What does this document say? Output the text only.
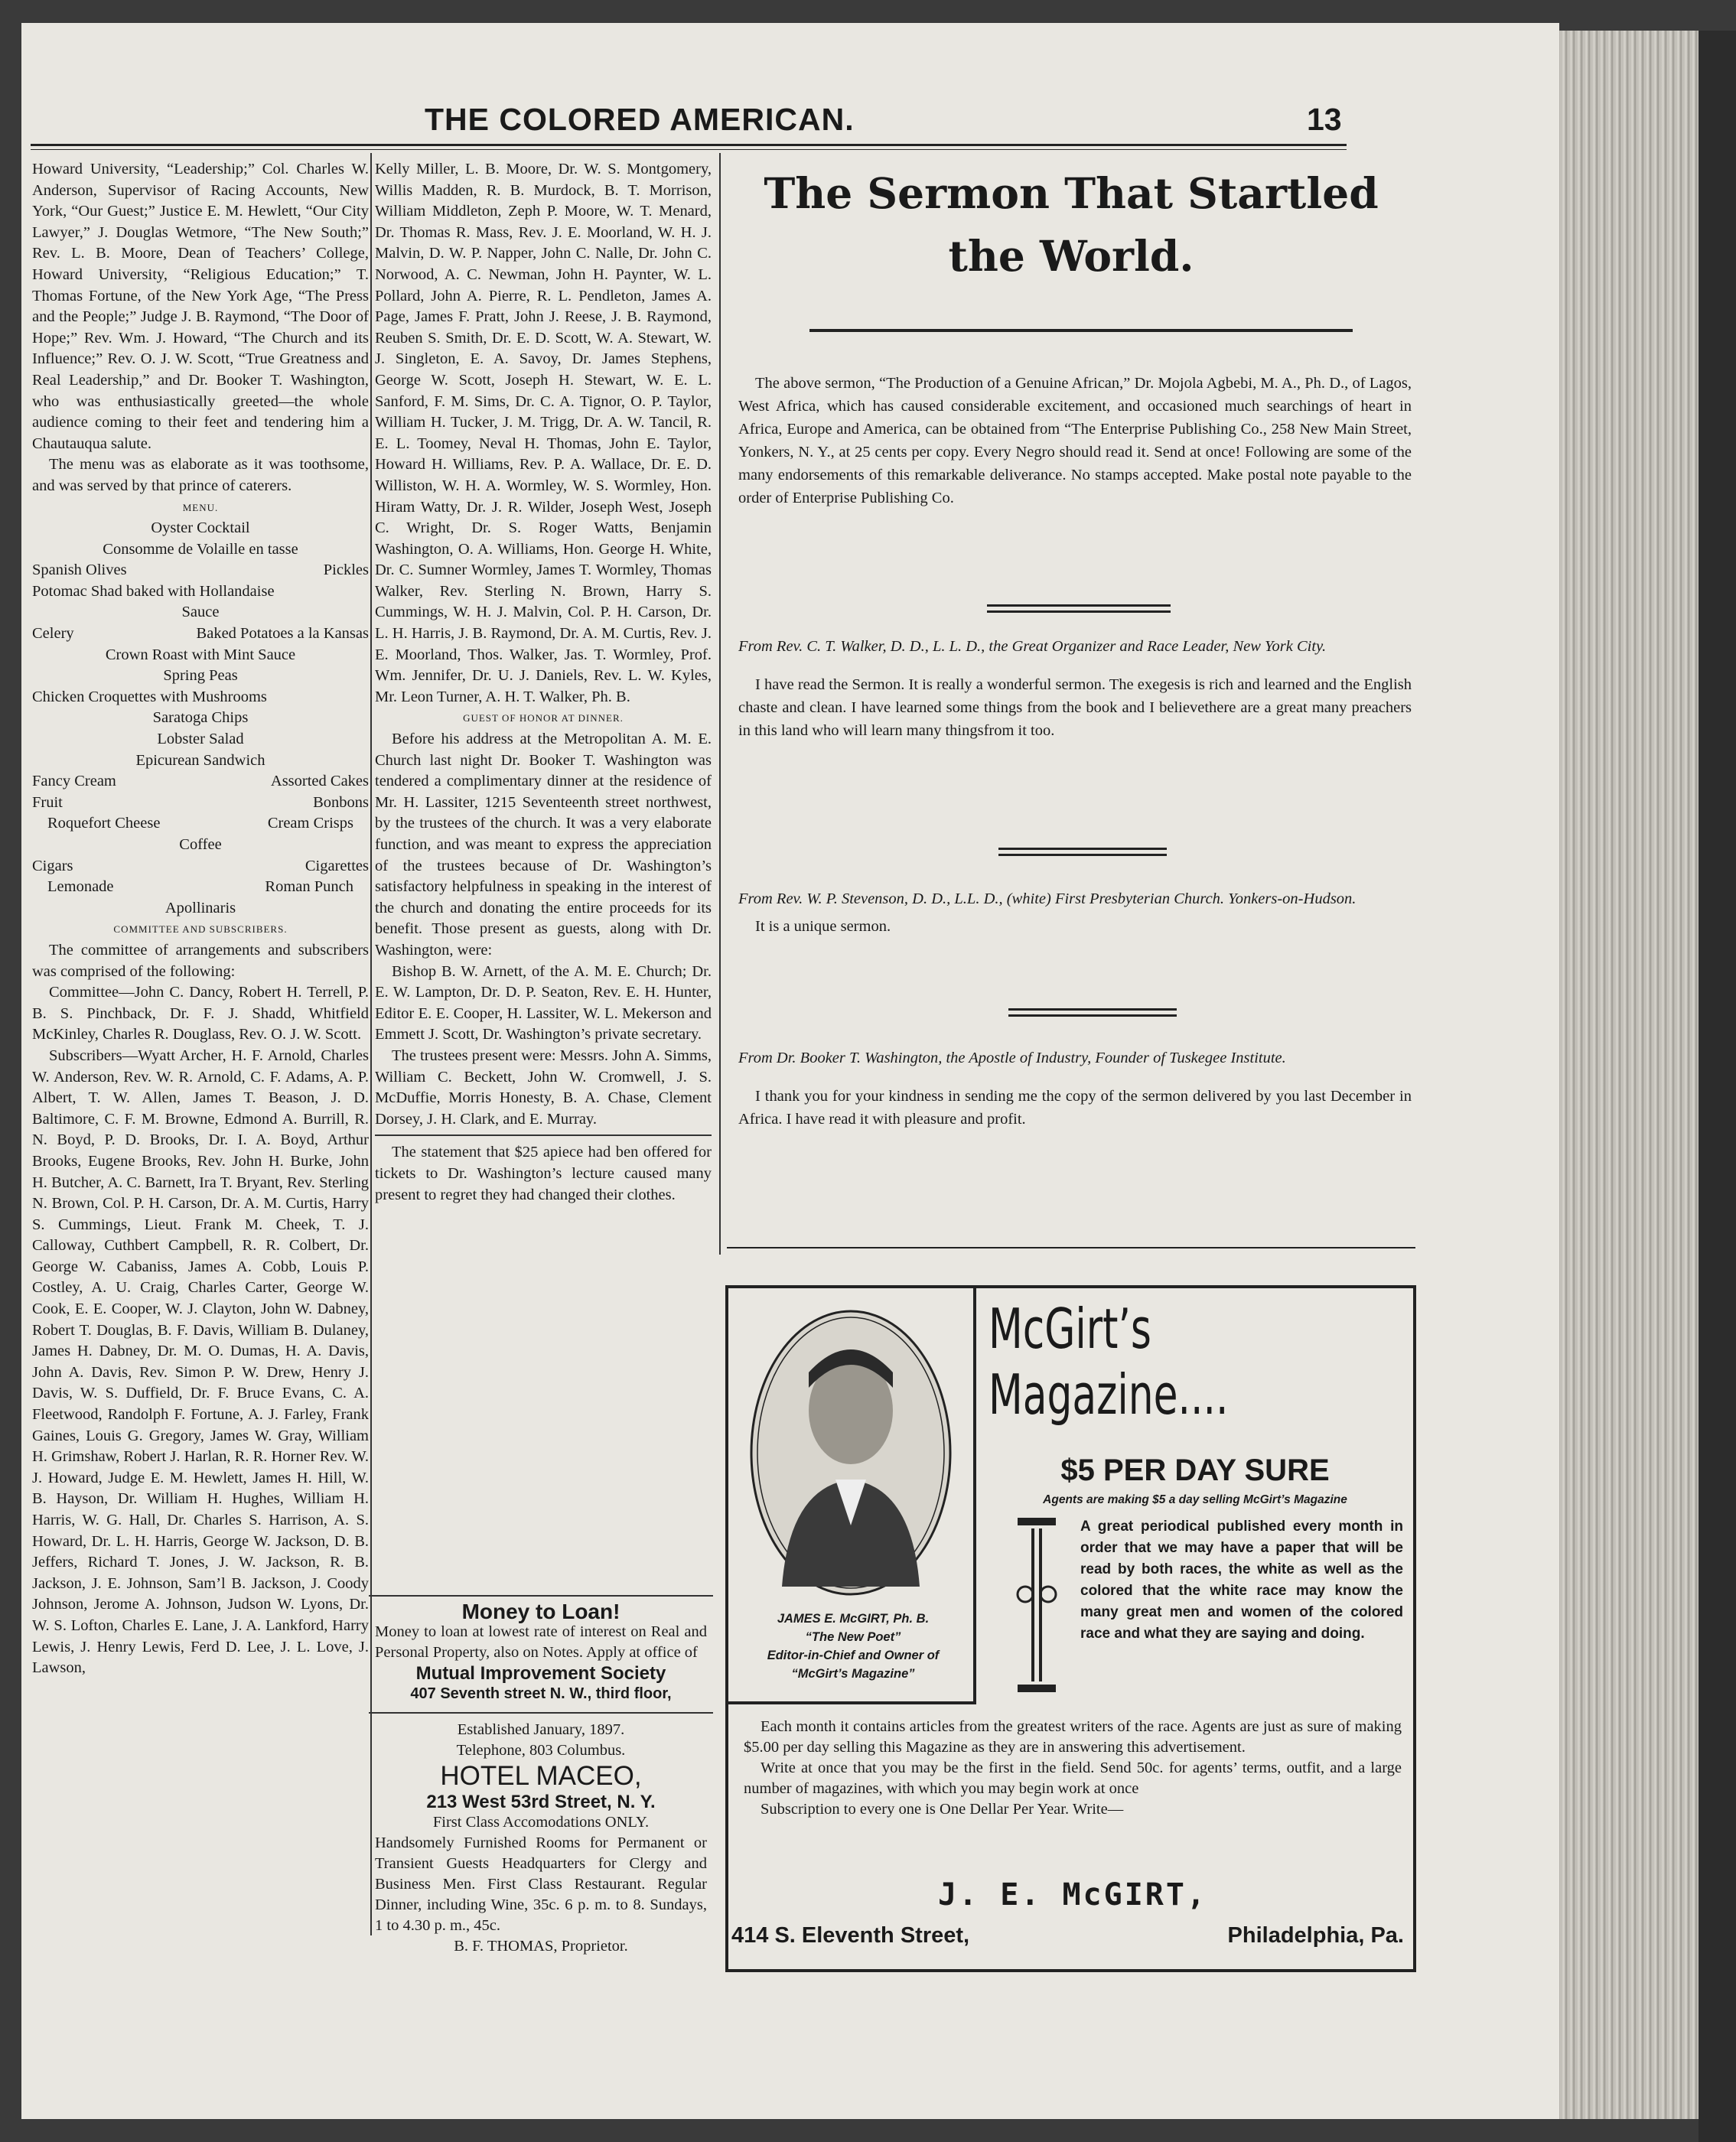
THE COLORED AMERICAN.	13

Howard University, “Leadership;” Col. Charles W. Anderson, Supervisor of Racing Accounts, New York, “Our Guest;” Justice E. M. Hewlett, “Our City Lawyer,” J. Douglas Wetmore, “The New South;” Rev. L. B. Moore, Dean of Teachers’ College, Howard University, “Religious Education;” T. Thomas Fortune, of the New York Age, “The Press and the People;” Judge J. B. Raymond, “The Door of Hope;” Rev. Wm. J. Howard, “The Church and its Influence;” Rev. O. J. W. Scott, “True Greatness and Real Leadership,” and Dr. Booker T. Washington, who was enthusiastically greeted—the whole audience coming to their feet and tendering him a Chautauqua salute.

The menu was as elaborate as it was toothsome, and was served by that prince of caterers.

MENU.

Oyster Cocktail

Consomme de Volaille en tasse

Spanish Olives	Pickles

Potomac Shad baked with Hollandaise

Sauce

Celery	Baked Potatoes a la Kansas

Crown Roast with Mint Sauce

Spring Peas

Chicken Croquettes with Mushrooms

Saratoga Chips

Lobster Salad

Epicurean Sandwich

Fancy Cream	Assorted Cakes
Fruit	Bonbons
Roquefort Cheese	Cream Crisps

Coffee

Cigars	Cigarettes
Lemonade	Roman Punch

Apollinaris

COMMITTEE AND SUBSCRIBERS.

The committee of arrangements and subscribers was comprised of the following:

Committee—John C. Dancy, Robert H. Terrell, P. B. S. Pinchback, Dr. F. J. Shadd, Whitfield McKinley, Charles R. Douglass, Rev. O. J. W. Scott.

Subscribers—Wyatt Archer, H. F. Arnold, Charles W. Anderson, Rev. W. R. Arnold, C. F. Adams, A. P. Albert, T. W. Allen, James T. Beason, J. D. Baltimore, C. F. M. Browne, Edmond A. Burrill, R. N. Boyd, P. D. Brooks, Dr. I. A. Boyd, Arthur Brooks, Eugene Brooks, Rev. John H. Burke, John H. Butcher, A. C. Barnett, Ira T. Bryant, Rev. Sterling N. Brown, Col. P. H. Carson, Dr. A. M. Curtis, Harry S. Cummings, Lieut. Frank M. Cheek, T. J. Calloway, Cuthbert Campbell, R. R. Colbert, Dr. George W. Cabaniss, James A. Cobb, Louis P. Costley, A. U. Craig, Charles Carter, George W. Cook, E. E. Cooper, W. J. Clayton, John W. Dabney, Robert T. Douglas, B. F. Davis, William B. Dulaney, James H. Dabney, Dr. M. O. Dumas, H. A. Davis, John A. Davis, Rev. Simon P. W. Drew, Henry J. Davis, W. S. Duffield, Dr. F. Bruce Evans, C. A. Fleetwood, Randolph F. Fortune, A. J. Farley, Frank Gaines, Louis G. Gregory, James W. Gray, William H. Grimshaw, Robert J. Harlan, R. R. Horner Rev. W. J. Howard, Judge E. M. Hewlett, James H. Hill, W. B. Hayson, Dr. William H. Hughes, William H. Harris, W. G. Hall, Dr. Charles S. Harrison, A. S. Howard, Dr. L. H. Harris, George W. Jackson, D. B. Jeffers, Richard T. Jones, J. W. Jackson, R. B. Jackson, J. E. Johnson, Sam’l B. Jackson, J. Coody Johnson, Jerome A. Johnson, Judson W. Lyons, Dr. W. S. Lofton, Charles E. Lane, J. A. Lankford, Harry Lewis, J. Henry Lewis, Ferd D. Lee, J. L. Love, J. Lawson,

Kelly Miller, L. B. Moore, Dr. W. S. Montgomery, Willis Madden, R. B. Murdock, B. T. Morrison, William Middleton, Zeph P. Moore, W. T. Menard, Dr. Thomas R. Mass, Rev. J. E. Moorland, W. H. J. Malvin, D. W. P. Napper, John C. Nalle, Dr. John C. Norwood, A. C. Newman, John H. Paynter, W. L. Pollard, John A. Pierre, R. L. Pendleton, James A. Page, James F. Pratt, John J. Reese, J. B. Raymond, Reuben S. Smith, Dr. E. D. Scott, W. A. Stewart, W. J. Singleton, E. A. Savoy, Dr. James Stephens, George W. Scott, Joseph H. Stewart, W. E. L. Sanford, F. M. Sims, Dr. C. A. Tignor, O. P. Taylor, William H. Tucker, J. M. Trigg, Dr. A. W. Tancil, R. E. L. Toomey, Neval H. Thomas, John E. Taylor, Howard H. Williams, Rev. P. A. Wallace, Dr. E. D. Williston, W. H. A. Wormley, W. S. Wormley, Hon. Hiram Watty, Dr. J. R. Wilder, Joseph West, Joseph C. Wright, Dr. S. Roger Watts, Benjamin Washington, O. A. Williams, Hon. George H. White, Dr. C. Sumner Wormley, James T. Wormley, Thomas Walker, Rev. Sterling N. Brown, Harry S. Cummings, W. H. J. Malvin, Col. P. H. Carson, Dr. L. H. Harris, J. B. Raymond, Dr. A. M. Curtis, Rev. J. E. Moorland, Thos. Walker, Jas. T. Wormley, Prof. Wm. Jennifer, Dr. U. J. Daniels, Rev. L. W. Kyles, Mr. Leon Turner, A. H. T. Walker, Ph. B.

GUEST OF HONOR AT DINNER.

Before his address at the Metropolitan A. M. E. Church last night Dr. Booker T. Washington was tendered a complimentary dinner at the residence of Mr. H. Lassiter, 1215 Seventeenth street northwest, by the trustees of the church. It was a very elaborate function, and was meant to express the appreciation of the trustees because of Dr. Washington’s satisfactory helpfulness in speaking in the interest of the church and donating the entire proceeds for its benefit. Those present as guests, along with Dr. Washington, were:

Bishop B. W. Arnett, of the A. M. E. Church; Dr. E. W. Lampton, Dr. D. P. Seaton, Rev. E. H. Hunter, Editor E. E. Cooper, H. Lassiter, W. L. Mekerson and Emmett J. Scott, Dr. Washington’s private secretary.

The trustees present were: Messrs. John A. Simms, William C. Beckett, John W. Cromwell, J. S. McDuffie, Morris Honesty, B. A. Chase, Clement Dorsey, J. H. Clark, and E. Murray.

The statement that $25 apiece had ben offered for tickets to Dr. Washington’s lecture caused many present to regret they had changed their clothes.

Money to Loan!
Money to loan at lowest rate of interest on Real and Personal Property, also on Notes. Apply at office of
Mutual Improvement Society
407 Seventh street N. W., third floor,
Established January, 1897.
Telephone, 803 Columbus.
HOTEL MACEO,
213 West 53rd Street, N. Y.
First Class Accomodations ONLY.
Handsomely Furnished Rooms for Permanent or Transient Guests Headquarters for Clergy and Business Men. First Class Restaurant. Regular Dinner, including Wine, 35c. 6 p. m. to 8. Sundays, 1 to 4.30 p. m., 45c.
B. F. THOMAS, Proprietor.
The Sermon That Startled
the World.

The above sermon, “The Production of a Genuine African,” Dr. Mojola Agbebi, M. A., Ph. D., of Lagos, West Africa, which has caused considerable excitement, and occasioned much searchings of heart in Africa, Europe and America, can be obtained from “The Enterprise Publishing Co., 258 New Main Street, Yonkers, N. Y., at 25 cents per copy. Every Negro should read it. Send at once! Following are some of the many endorsements of this remarkable deliverance. No stamps accepted. Make postal note payable to the order of Enterprise Publishing Co.

From Rev. C. T. Walker, D. D., L. L. D., the Great Organizer and Race Leader, New York City.

I have read the Sermon. It is really a wonderful sermon. The exegesis is rich and learned and the English chaste and clean. I have learned some things from the book and I believethere are a great many preachers in this land who will learn many thingsfrom it too.

From Rev. W. P. Stevenson, D. D., L.L. D., (white) First Presbyterian Church. Yonkers-on-Hudson.

It is a unique sermon.

From Dr. Booker T. Washington, the Apostle of Industry, Founder of Tuskegee Institute.

I thank you for your kindness in sending me the copy of the sermon delivered by you last December in Africa. I have read it with pleasure and profit.

JAMES E. McGIRT, Ph. B.
“The New Poet”
Editor-in-Chief and Owner of
“McGirt’s Magazine”
McGirt’s
Magazine....
$5 PER DAY SURE
Agents are making $5 a day selling McGirt’s Magazine
A great periodical published every month in order that we may have a paper that will be read by both races, the white as well as the colored that the white race may know the many great men and women of the colored race and what they are saying and doing.

Each month it contains articles from the greatest writers of the race. Agents are just as sure of making $5.00 per day selling this Magazine as they are in answering this advertisement.

Write at once that you may be the first in the field. Send 50c. for agents’ terms, outfit, and a large number of magazines, with which you may begin work at once

Subscription to every one is One Dellar Per Year. Write—

J. E. McGIRT,
414 S. Eleventh Street,	Philadelphia, Pa.
